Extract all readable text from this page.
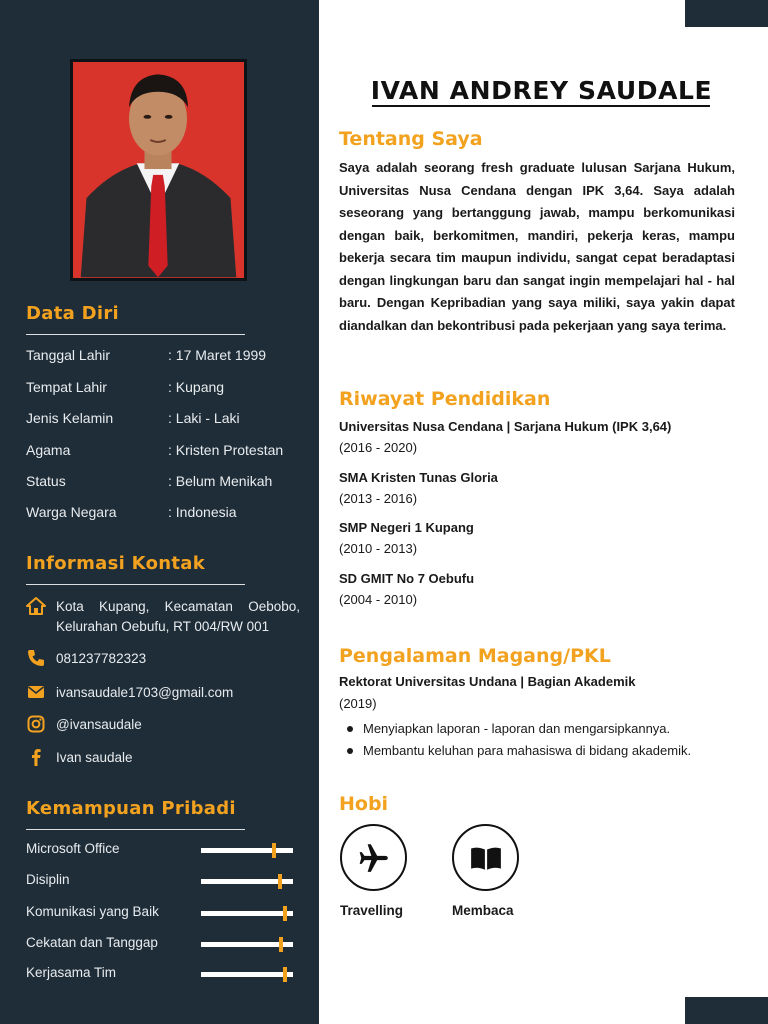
Data Diri
Tanggal Lahir	: 17 Maret 1999
Tempat Lahir	: Kupang
Jenis Kelamin	: Laki - Laki
Agama	: Kristen Protestan
Status	: Belum Menikah
Warga Negara	: Indonesia
Informasi Kontak
Kota Kupang, Kecamatan Oebobo, Kelurahan Oebufu, RT 004/RW 001
081237782323
ivansaudale1703@gmail.com
@ivansaudale
Ivan saudale
Kemampuan Pribadi
Microsoft Office
Disiplin
Komunikasi yang Baik
Cekatan dan Tanggap
Kerjasama Tim
IVAN ANDREY SAUDALE
Tentang Saya
Saya adalah seorang fresh graduate lulusan Sarjana Hukum, Universitas Nusa Cendana dengan IPK 3,64. Saya adalah seseorang yang bertanggung jawab, mampu berkomunikasi dengan baik, berkomitmen, mandiri, pekerja keras, mampu bekerja secara tim maupun individu, sangat cepat beradaptasi dengan lingkungan baru dan sangat ingin mempelajari hal - hal baru. Dengan Kepribadian yang saya miliki, saya yakin dapat diandalkan dan bekontribusi pada pekerjaan yang saya terima.
Riwayat Pendidikan
Universitas Nusa Cendana | Sarjana Hukum (IPK 3,64)
(2016 - 2020)
SMA Kristen Tunas Gloria
(2013 - 2016)
SMP Negeri 1 Kupang
(2010 - 2013)
SD GMIT No 7 Oebufu
(2004 - 2010)
Pengalaman Magang/PKL
Rektorat Universitas Undana | Bagian Akademik
(2019)
Menyiapkan laporan - laporan dan mengarsipkannya.
Membantu keluhan para mahasiswa di bidang akademik.
Hobi
Travelling	Membaca
